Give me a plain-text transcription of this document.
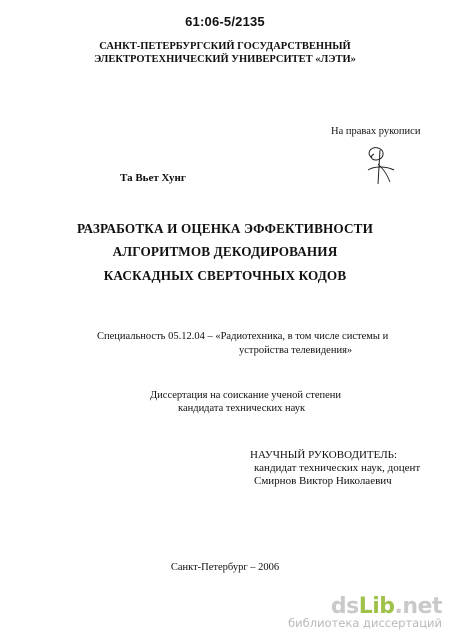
61:06-5/2135
САНКТ-ПЕТЕРБУРГСКИЙ ГОСУДАРСТВЕННЫЙ
ЭЛЕКТРОТЕХНИЧЕСКИЙ УНИВЕРСИТЕТ «ЛЭТИ»
На правах рукописи
Та Вьет Хунг
РАЗРАБОТКА И ОЦЕНКА ЭФФЕКТИВНОСТИ
АЛГОРИТМОВ ДЕКОДИРОВАНИЯ
КАСКАДНЫХ СВЕРТОЧНЫХ КОДОВ
Специальность 05.12.04 – «Радиотехника, в том числе системы и
устройства телевидения»
Диссертация на соискание ученой степени
кандидата технических наук
НАУЧНЫЙ РУКОВОДИТЕЛЬ:
кандидат технических наук, доцент
Смирнов Виктор Николаевич
Санкт-Петербург – 2006
dsLib.net
библиотека диссертаций
